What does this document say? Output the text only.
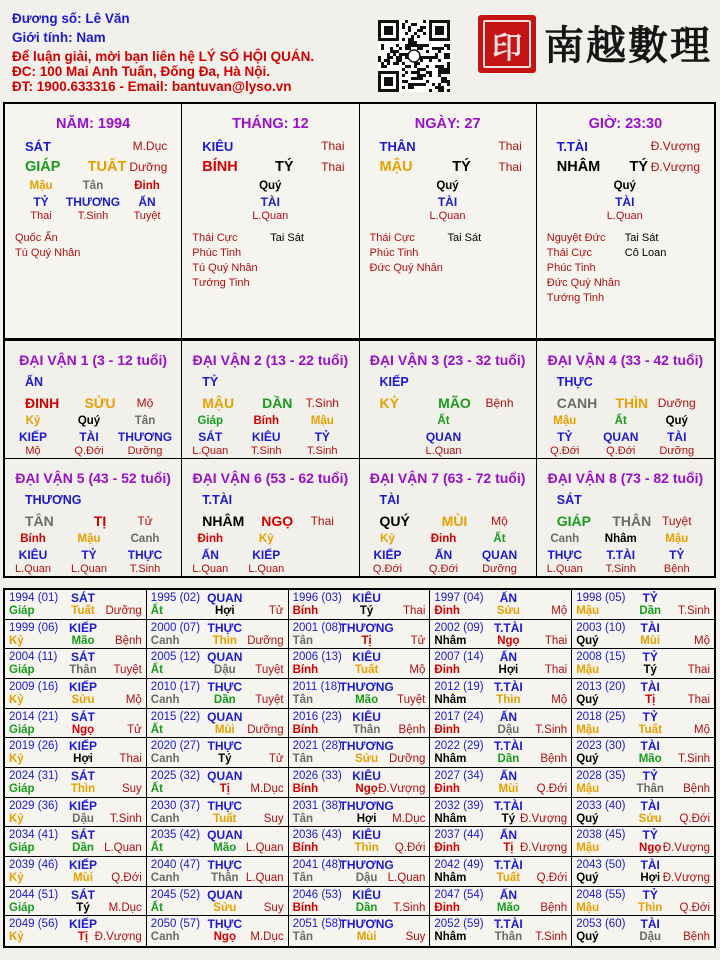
Đương số: Lê Văn
Giới tính: Nam
Để luận giải, mời bạn liên hệ LÝ SỐ HỘI QUÁN.
ĐC: 100 Mai Anh Tuấn, Đống Đa, Hà Nội.
ĐT: 1900.633316 - Email: bantuvan@lyso.vn
印 南越數理
NĂM: 1994
SÁT	M.Dục
GIÁP TUẤT Dưỡng
Mậu
TỶ
Thai
Tân
THƯƠNG
T.Sinh
Đinh
ẤN
Tuyệt
Quốc Ấn
Tú Quý Nhân
THÁNG: 12
KIÊU	Thai
BÍNH	TÝ Thai
Quý
TÀI
L.Quan
Thái Cực
Phúc Tinh
Tú Quý Nhân
Tướng Tinh
Tai Sát
NGÀY: 27
THÂN	Thai
MẬU	TÝ Thai
Quý
TÀI
L.Quan
Thái Cực
Phúc Tinh
Đức Quý Nhân
Tai Sát
GIỜ: 23:30
T.TÀI	Đ.Vượng
NHÂM TÝ Đ.Vượng
Quý
TÀI
L.Quan
Nguyệt Đức
Thái Cực
Phúc Tinh
Đức Quý Nhân
Tướng Tinh
Tai Sát
Cô Loan
ĐẠI VẬN 1 (3 - 12 tuổi)
ẤN
ĐINH SỬU Mộ
Kỷ
KIẾP
Mộ
Quý
TÀI
Q.Đới
Tân
THƯƠNG
Dưỡng
ĐẠI VẬN 2 (13 - 22 tuổi)
TỶ
MẬU DẦN T.Sinh
Giáp
SÁT
L.Quan
Bính
KIÊU
T.Sinh
Mậu
TỶ
T.Sinh
ĐẠI VẬN 3 (23 - 32 tuổi)
KIẾP
KỶ	MÃO Bệnh
Ất
QUAN
L.Quan
ĐẠI VẬN 4 (33 - 42 tuổi)
THỰC
CANH THÌN Dưỡng
Mậu
TỶ
Q.Đới
Ất
QUAN
Q.Đới
Quý
TÀI
Dưỡng
ĐẠI VẬN 5 (43 - 52 tuổi)
THƯƠNG
TÂN	TỊ	Tử
Bính
KIÊU
L.Quan
Mậu
TỶ
L.Quan
Canh
THỰC
T.Sinh
ĐẠI VẬN 6 (53 - 62 tuổi)
T.TÀI
NHÂM NGỌ Thai
Đinh
ẤN
L.Quan
Kỷ
KIẾP
L.Quan
ĐẠI VẬN 7 (63 - 72 tuổi)
TÀI
QUÝ MÙI Mộ
Kỷ
KIẾP
Q.Đới
Đinh
ẤN
Q.Đới
Ất
QUAN
Dưỡng
ĐẠI VẬN 8 (73 - 82 tuổi)
SÁT
GIÁP THÂN Tuyệt
Canh
THỰC
L.Quan
Nhâm
T.TÀI
T.Sinh
Mậu
TỶ
Bệnh
1994 (01) SÁT
Giáp	Tuất Dưỡng
1995 (02) QUAN
Ất	Hợi	Tử
1996 (03) KIÊU
Bính	Tý	Thai
1997 (04) ẤN
Đinh	Sửu	Mộ
1998 (05) TỶ
Mậu	Dần T.Sinh
1999 (06) KIẾP
Kỷ	Mão Bệnh
2000 (07) THỰC
Canh	Thìn Dưỡng
2001 (08)
THƯƠNG
Tân	Tị	Tử
2002 (09) T.TÀI
Nhâm	Ngọ Thai
2003 (10) TÀI
Quý	Mùi	Mộ
2004 (11) SÁT
Giáp	Thân Tuyệt
2005 (12) QUAN
Ất	Dậu Tuyệt
2006 (13) KIÊU
Bính	Tuất	Mộ
2007 (14) ẤN
Đinh	Hợi Thai
2008 (15) TỶ
Mậu	Tý	Thai
2009 (16) KIẾP
Kỷ	Sửu	Mộ
2010 (17) THỰC
Canh	Dần Tuyệt
2011 (18)
THƯƠNG
Tân	Mão Tuyệt
2012 (19) T.TÀI
Nhâm	Thìn	Mộ
2013 (20) TÀI
Quý	Tị	Thai
2014 (21) SÁT
Giáp	Ngọ	Tử
2015 (22) QUAN
Ất	Mùi Dưỡng
2016 (23) KIÊU
Bính	Thân Bệnh
2017 (24) ẤN
Đinh	Dậu T.Sinh
2018 (25) TỶ
Mậu	Tuất	Mộ
2019 (26) KIẾP
Kỷ	Hợi Thai
2020 (27) THỰC
Canh	Tý	Tử
2021 (28)
THƯƠNG
Tân	Sửu Dưỡng
2022 (29) T.TÀI
Nhâm	Dần Bệnh
2023 (30) TÀI
Quý	Mão T.Sinh
2024 (31) SÁT
Giáp	Thìn Suy
2025 (32) QUAN
Ất	Tị M.Dục
2026 (33) KIÊU
Bính	Ngọ Đ.Vượng
2027 (34) ẤN
Đinh	Mùi Q.Đới
2028 (35) TỶ
Mậu	Thân Bệnh
2029 (36) KIẾP
Kỷ	Dậu T.Sinh
2030 (37) THỰC
Canh	Tuất Suy
2031 (38)
THƯƠNG
Tân	Hợi M.Dục
2032 (39) T.TÀI
Nhâm	Tý Đ.Vượng
2033 (40) TÀI
Quý	Sửu Q.Đới
2034 (41) SÁT
Giáp	Dần L.Quan
2035 (42) QUAN
Ất	Mão L.Quan
2036 (43) KIÊU
Bính	Thìn Q.Đới
2037 (44) ẤN
Đinh	Tị Đ.Vượng
2038 (45) TỶ
Mậu	Ngọ Đ.Vượng
2039 (46) KIẾP
Kỷ	Mùi Q.Đới
2040 (47) THỰC
Canh	Thân L.Quan
2041 (48)
THƯƠNG
Tân	Dậu L.Quan
2042 (49) T.TÀI
Nhâm	Tuất Q.Đới
2043 (50) TÀI
Quý	Hợi Đ.Vượng
2044 (51) SÁT
Giáp	Tý M.Dục
2045 (52) QUAN
Ất	Sửu Suy
2046 (53) KIÊU
Bính	Dần T.Sinh
2047 (54) ẤN
Đinh	Mão Bệnh
2048 (55) TỶ
Mậu	Thìn Q.Đới
2049 (56) KIẾP
Kỷ	Tị Đ.Vượng
2050 (57) THỰC
Canh	Ngọ M.Dục
2051 (58)
THƯƠNG
Tân	Mùi	Suy
2052 (59) T.TÀI
Nhâm Thân T.Sinh
2053 (60) TÀI
Quý	Dậu Bệnh
